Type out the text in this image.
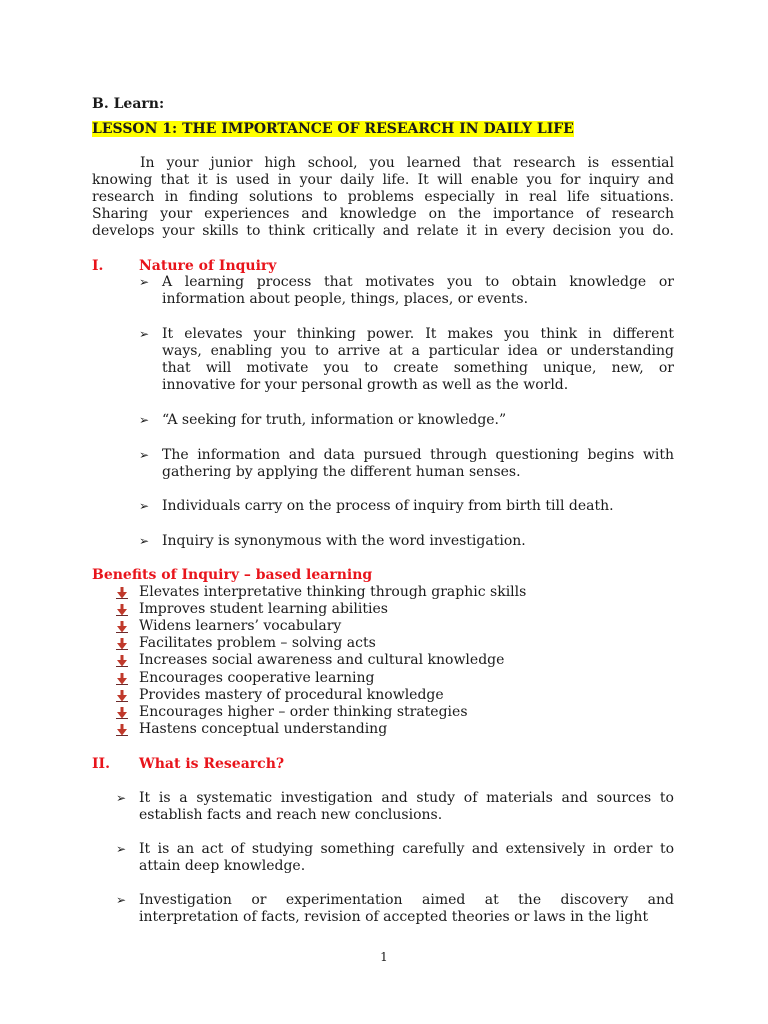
B. Learn:
LESSON 1: THE IMPORTANCE OF RESEARCH IN DAILY LIFE
In your junior high school, you learned that research is essential
knowing that it is used in your daily life. It will enable you for inquiry and
research in finding solutions to problems especially in real life situations.
Sharing your experiences and knowledge on the importance of research
develops your skills to think critically and relate it in every decision you do.
I.	Nature of Inquiry
➢ A learning process that motivates you to obtain knowledge or
information about people, things, places, or events.
➢ It elevates your thinking power. It makes you think in different
ways, enabling you to arrive at a particular idea or understanding
that will motivate you to create something unique, new, or
innovative for your personal growth as well as the world.
➢ “A seeking for truth, information or knowledge.”
➢ The information and data pursued through questioning begins with
gathering by applying the different human senses.
➢ Individuals carry on the process of inquiry from birth till death.
➢ Inquiry is synonymous with the word investigation.
Benefits of Inquiry – based learning
Elevates interpretative thinking through graphic skills
Improves student learning abilities
Widens learners’ vocabulary
Facilitates problem – solving acts
Increases social awareness and cultural knowledge
Encourages cooperative learning
Provides mastery of procedural knowledge
Encourages higher – order thinking strategies
Hastens conceptual understanding
II. What is Research?
➢ It is a systematic investigation and study of materials and sources to
establish facts and reach new conclusions.
➢ It is an act of studying something carefully and extensively in order to
attain deep knowledge.
➢ Investigation or experimentation aimed at the discovery and
interpretation of facts, revision of accepted theories or laws in the light
1
